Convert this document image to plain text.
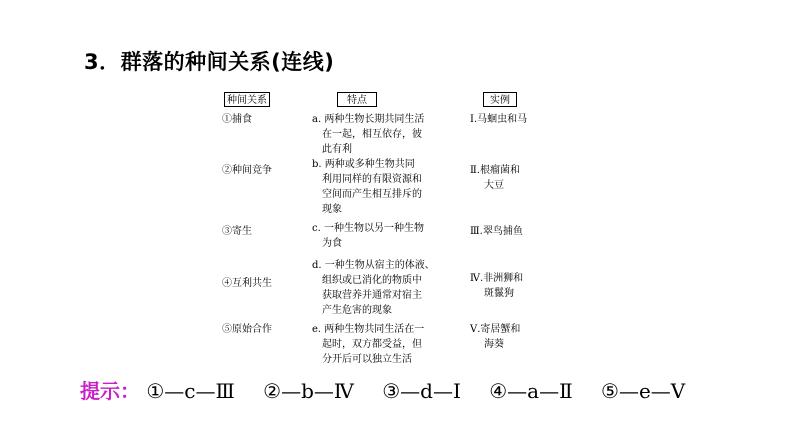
3．群落的种间关系(连线)
种间关系	特点	实例
①捕食
②种间竞争
③寄生
④互利共生
⑤原始合作
a. 两种生物长期共同生活
在一起，相互依存，彼
此有利
b. 两种或多种生物共同
利用同样的有限资源和
空间而产生相互排斥的
现象
c. 一种生物以另一种生物
为食
d. 一种生物从宿主的体液、
组织或已消化的物质中
获取营养并通常对宿主
产生危害的现象
e. 两种生物共同生活在一
起时，双方都受益，但
分开后可以独立生活
Ⅰ.马蛔虫和马
Ⅱ.根瘤菌和
大豆
Ⅲ.翠鸟捕鱼
Ⅳ.非洲狮和
斑鬣狗
Ⅴ.寄居蟹和
海葵
提示： ①—c—Ⅲ ②—b—Ⅳ ③—d—Ⅰ ④—a—Ⅱ ⑤—e—Ⅴ
